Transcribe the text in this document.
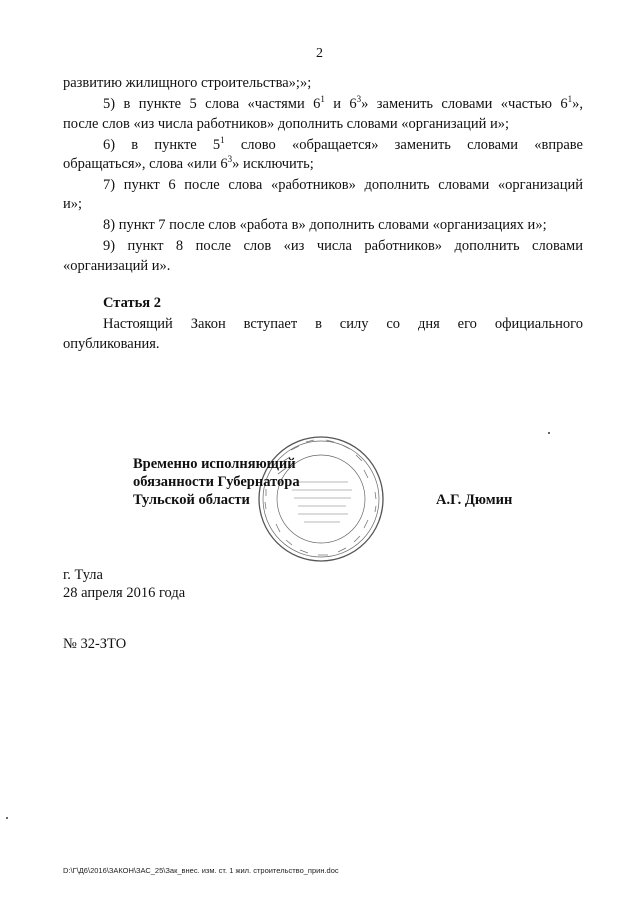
2
развитию жилищного строительства»;»;
5) в пункте 5 слова «частями $6^1$ и $6^3$» заменить словами «частью $6^1$»,
после слов «из числа работников» дополнить словами «организаций и»;
6) в пункте $5^1$ слово «обращается» заменить словами «вправе
обращаться», слова «или $6^3$» исключить;
7) пункт 6 после слова «работников» дополнить словами «организаций
и»;
8) пункт 7 после слов «работа в» дополнить словами «организациях и»;
9) пункт 8 после слов «из числа работников» дополнить словами
«организаций и».
Статья 2
Настоящий Закон вступает в силу со дня его официального
опубликования.
Временно исполняющий
обязанности Губернатора
Тульской области	А.Г. Дюмин
г. Тула
28 апреля 2016 года
№ 32-ЗТО
D:\Г\Д6\2016\ЗАКОН\ЗАС_25\Зак_внес. изм. ст. 1 жил. строительство_прин.doc
